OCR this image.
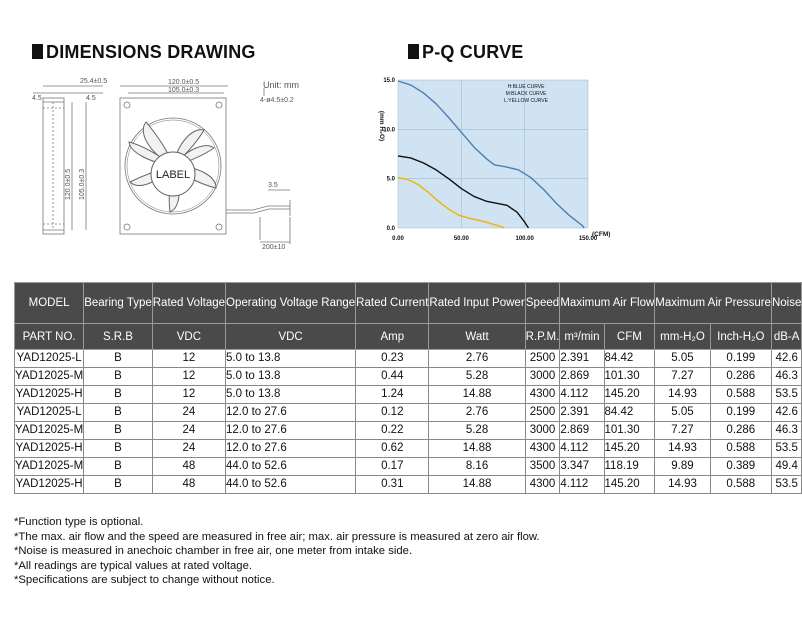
DIMENSIONS DRAWING	P-Q CURVE
LABEL
25.4±0.5
4.5	4.5
120.0±0.5
105.0±0.3
4-ø4.5±0.2
3.5
200±10
120.0±0.5 105.0±0.3
Unit: mm
0.00	50.00	100.00	150.00
0.0
5.0
10.0
15.0
(CFM)
(mm H₂O)
H:BLUE CURVE
M:BLACK CURVE
L:YELLOW CURVE
MODEL	Bearing Type	Rated Voltage	Operating Voltage Range	Rated Current	Rated Input Power	Speed	Maximum Air Flow		Maximum Air Pressure		Noise
PART NO.	S.R.B	VDC	VDC	Amp	Watt	R.P.M.	m³/min	CFM	mm-H₂O	Inch-H₂O	dB-A
YAD12025-L	B	12	5.0 to 13.8	0.23	2.76	2500	2.391	84.42	5.05	0.199	42.6
YAD12025-M	B	12	5.0 to 13.8	0.44	5.28	3000	2.869	101.30	7.27	0.286	46.3
YAD12025-H	B	12	5.0 to 13.8	1.24	14.88	4300	4.112	145.20	14.93	0.588	53.5
YAD12025-L	B	24	12.0 to 27.6	0.12	2.76	2500	2.391	84.42	5.05	0.199	42.6
YAD12025-M	B	24	12.0 to 27.6	0.22	5.28	3000	2.869	101.30	7.27	0.286	46.3
YAD12025-H	B	24	12.0 to 27.6	0.62	14.88	4300	4.112	145.20	14.93	0.588	53.5
YAD12025-M	B	48	44.0 to 52.6	0.17	8.16	3500	3.347	118.19	9.89	0.389	49.4
YAD12025-H	B	48	44.0 to 52.6	0.31	14.88	4300	4.112	145.20	14.93	0.588	53.5
*Function type is optional.
*The max. air flow and the speed are measured in free air; max. air pressure is measured at zero air flow.
*Noise is measured in anechoic chamber in free air, one meter from intake side.
*All readings are typical values at rated voltage.
*Specifications are subject to change without notice.
